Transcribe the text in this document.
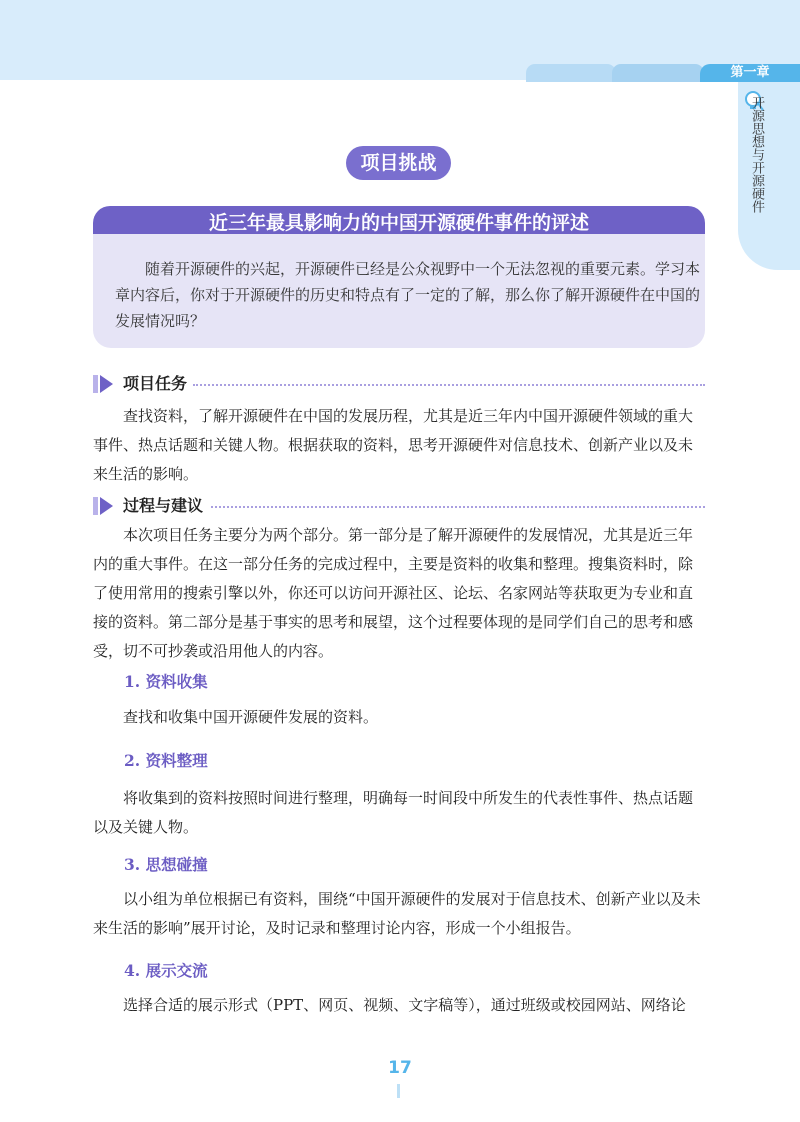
第一章
开源思想与开源硬件
项目挑战
近三年最具影响力的中国开源硬件事件的评述

随着开源硬件的兴起，开源硬件已经是公众视野中一个无法忽视的重要元素。学习本章内容后，你对于开源硬件的历史和特点有了一定的了解，那么你了解开源硬件在中国的发展情况吗？

项目任务

查找资料，了解开源硬件在中国的发展历程，尤其是近三年内中国开源硬件领域的重大事件、热点话题和关键人物。根据获取的资料，思考开源硬件对信息技术、创新产业以及未来生活的影响。

过程与建议

本次项目任务主要分为两个部分。第一部分是了解开源硬件的发展情况，尤其是近三年内的重大事件。在这一部分任务的完成过程中，主要是资料的收集和整理。搜集资料时，除了使用常用的搜索引擎以外，你还可以访问开源社区、论坛、名家网站等获取更为专业和直接的资料。第二部分是基于事实的思考和展望，这个过程要体现的是同学们自己的思考和感受，切不可抄袭或沿用他人的内容。

1. 资料收集

查找和收集中国开源硬件发展的资料。

2. 资料整理

将收集到的资料按照时间进行整理，明确每一时间段中所发生的代表性事件、热点话题以及关键人物。

3. 思想碰撞

以小组为单位根据已有资料，围绕“中国开源硬件的发展对于信息技术、创新产业以及未来生活的影响”展开讨论，及时记录和整理讨论内容，形成一个小组报告。

4. 展示交流

选择合适的展示形式（PPT、网页、视频、文字稿等），通过班级或校园网站、网络论

17
